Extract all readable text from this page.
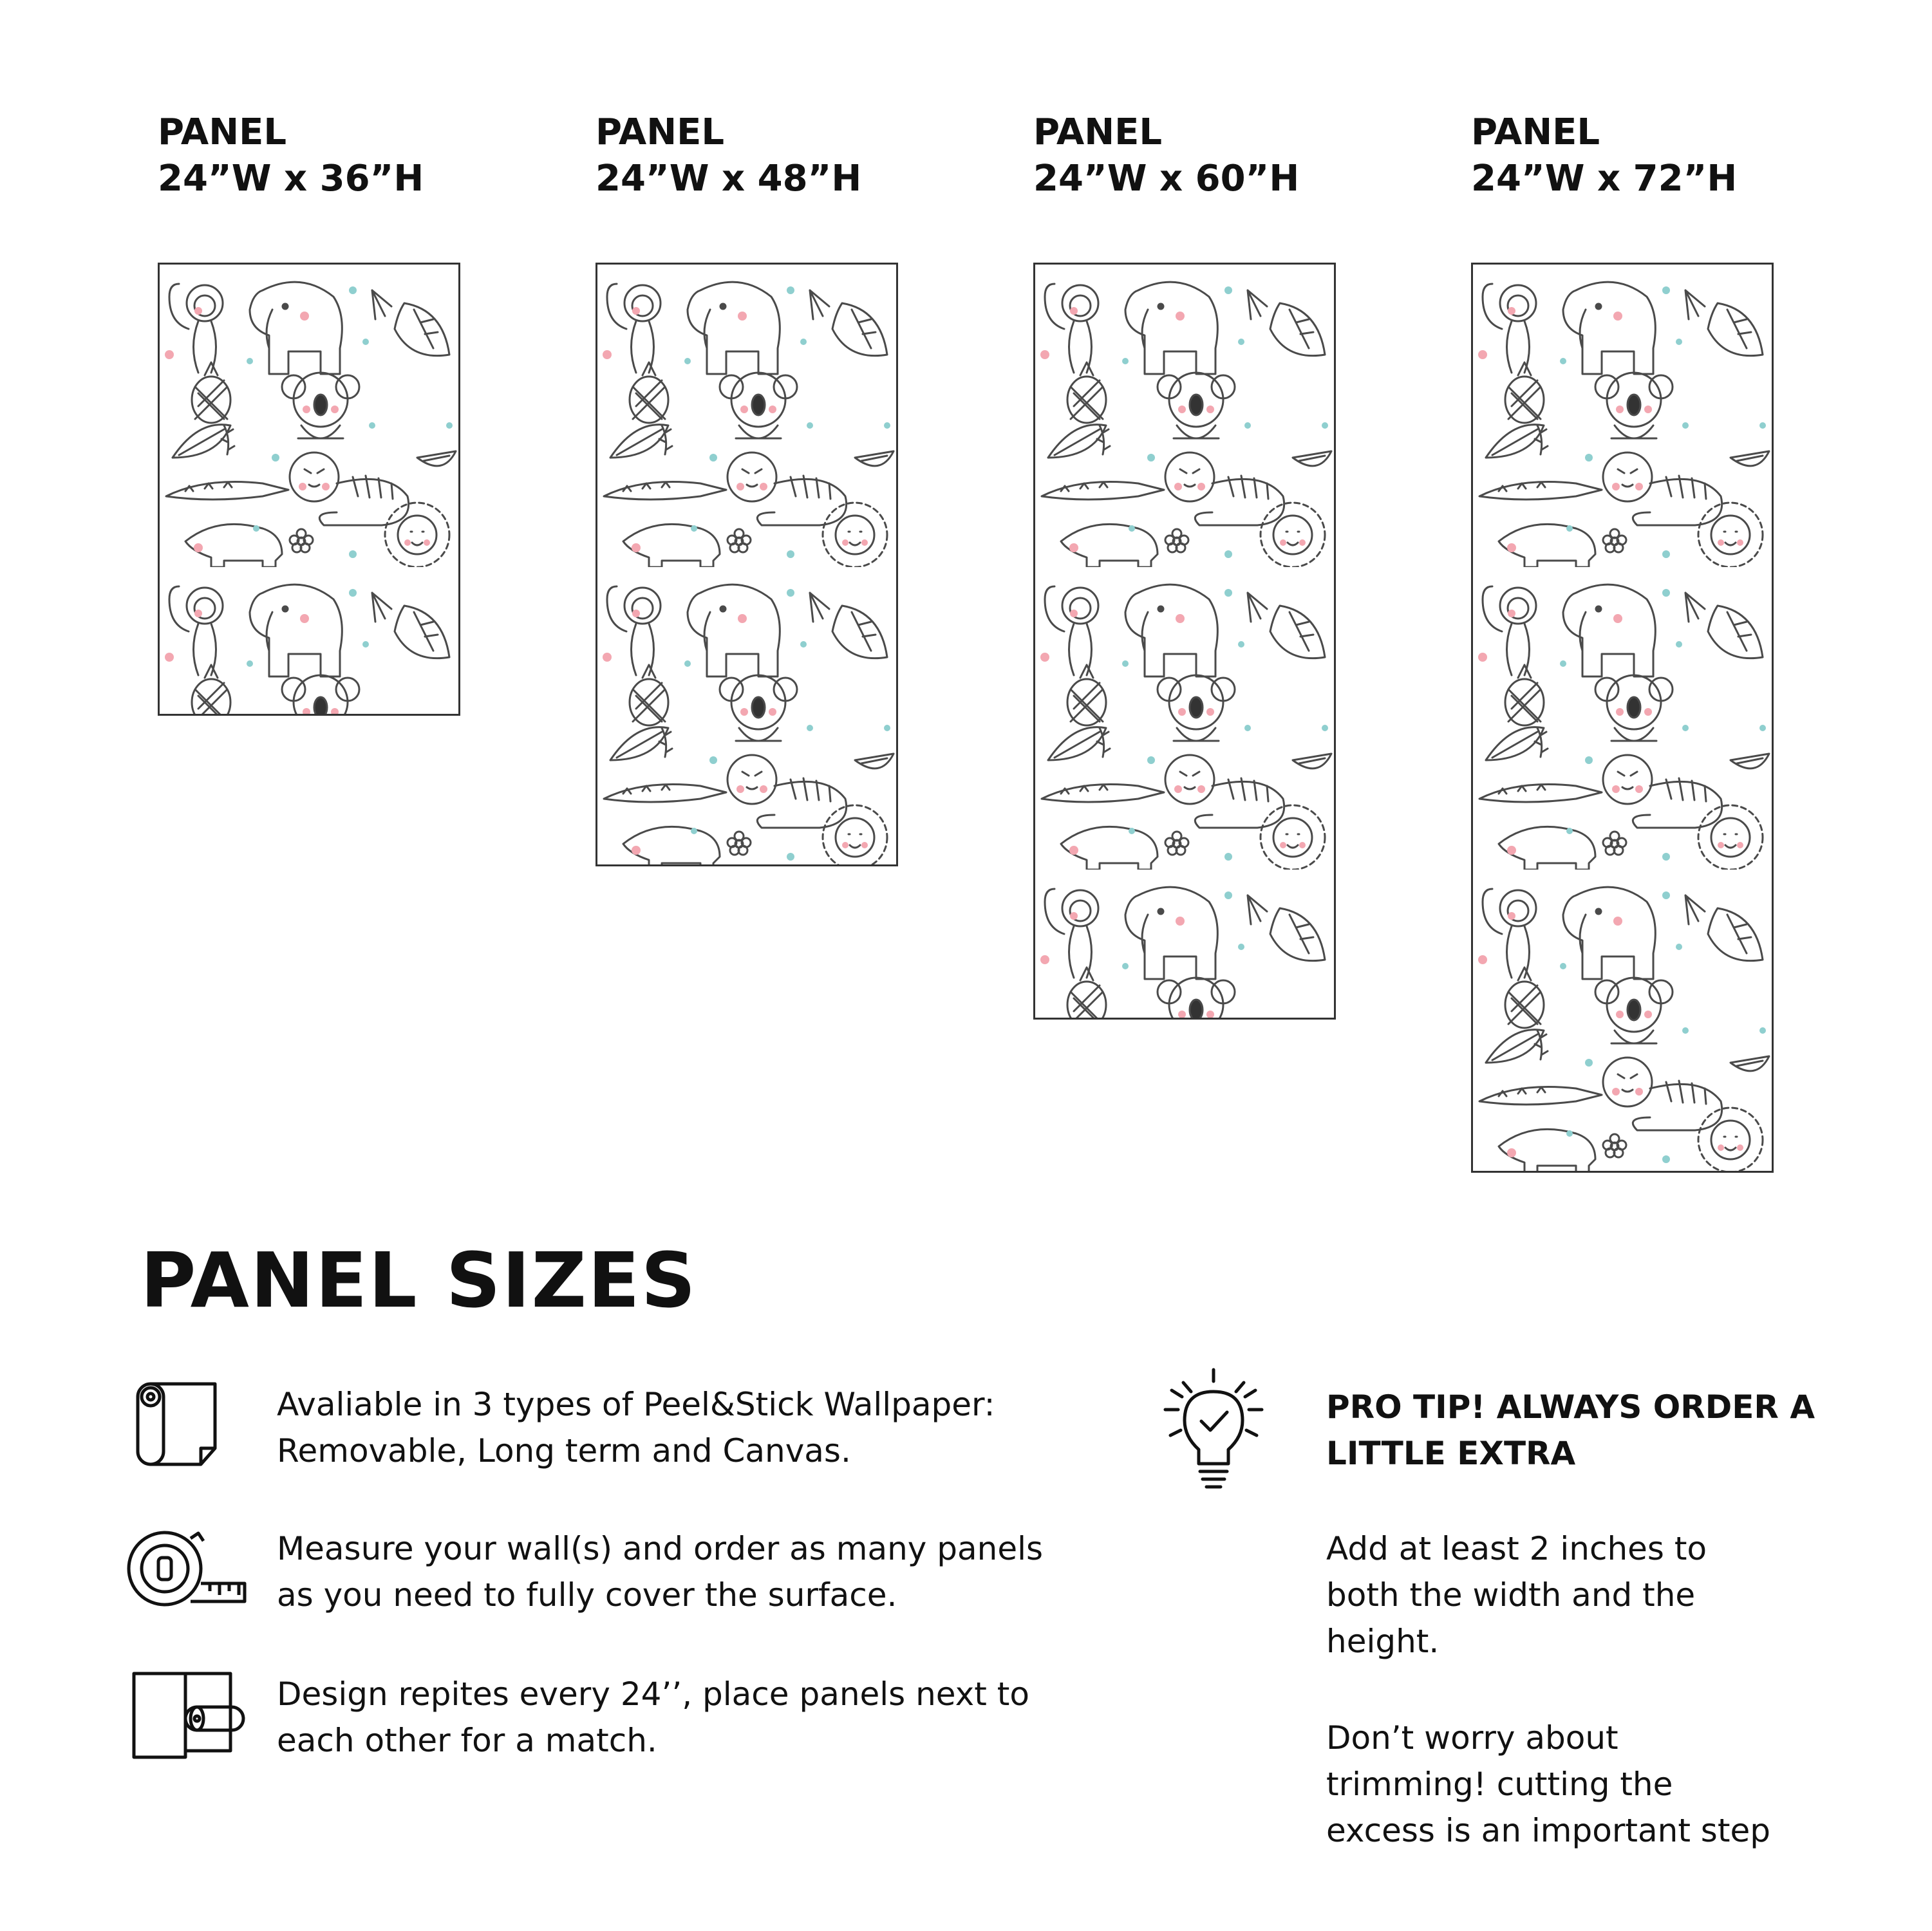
PANEL
24”W x 36”H
PANEL
24”W x 48”H
PANEL
24”W x 60”H
PANEL
24”W x 72”H
PANEL SIZES
Avaliable in 3 types of Peel&Stick Wallpaper:
Removable, Long term and Canvas.
Measure your wall(s) and order as many panels
as you need to fully cover the surface.
Design repites every 24’’, place panels next to
each other for a match.
PRO TIP! ALWAYS ORDER A
LITTLE EXTRA
Add at least 2 inches to
both the width and the
height.
Don’t worry about
trimming! cutting the
excess is an important step
